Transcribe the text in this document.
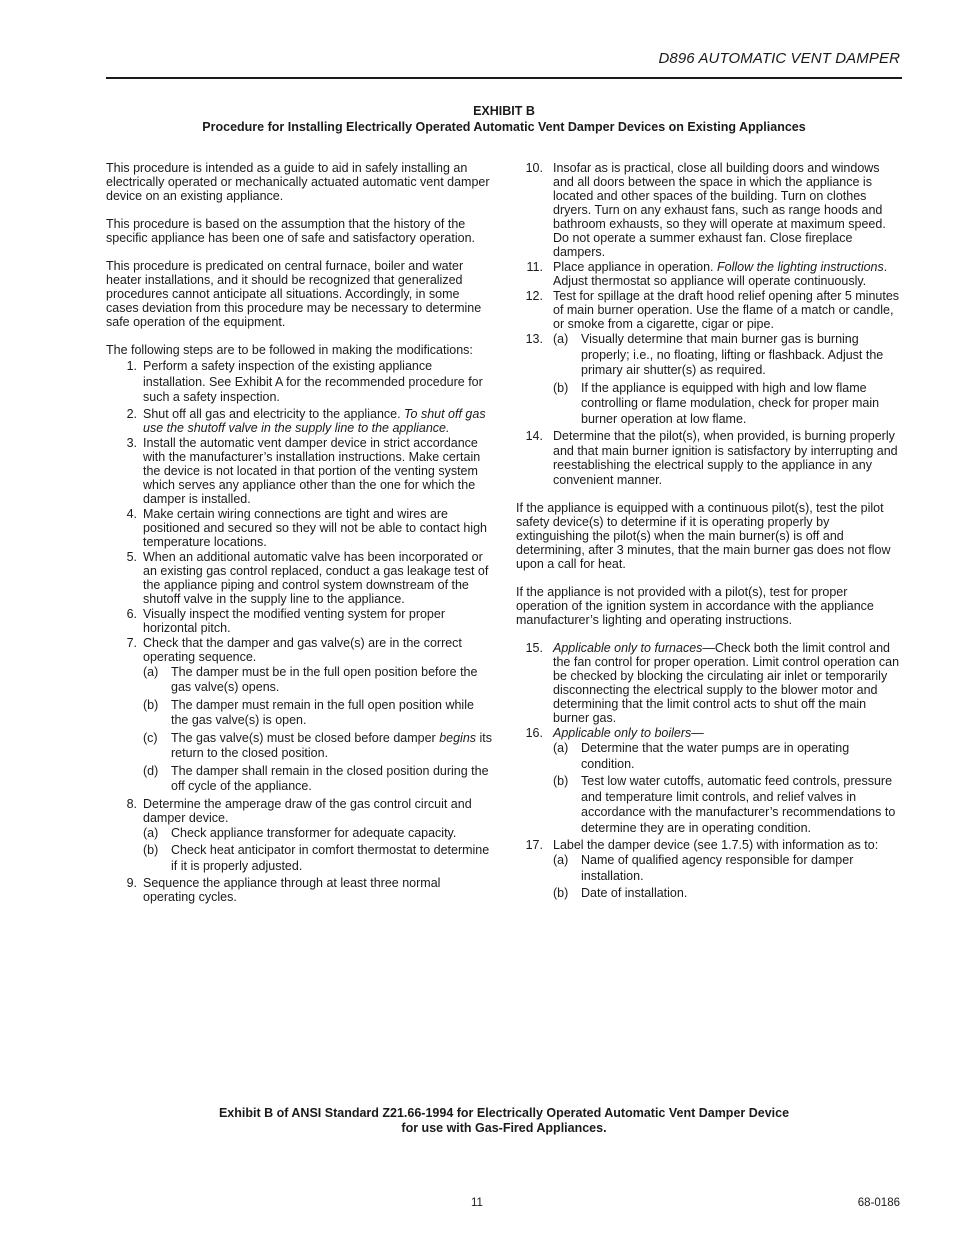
D896 AUTOMATIC VENT DAMPER
EXHIBIT B
Procedure for Installing Electrically Operated Automatic Vent Damper Devices on Existing Appliances

This procedure is intended as a guide to aid in safely installing an electrically operated or mechanically actuated automatic vent damper device on an existing appliance.

This procedure is based on the assumption that the history of the specific appliance has been one of safe and satisfactory operation.

This procedure is predicated on central furnace, boiler and water heater installations, and it should be recognized that generalized procedures cannot anticipate all situations. Accordingly, in some cases deviation from this procedure may be necessary to determine safe operation of the equipment.

The following steps are to be followed in making the modifications:

1. Perform a safety inspection of the existing appliance installation. See Exhibit A for the recommended procedure for such a safety inspection.
2. Shut off all gas and electricity to the appliance. To shut off gas use the shutoff valve in the supply line to the appliance.
3. Install the automatic vent damper device in strict accordance with the manufacturer’s installation instructions. Make certain the device is not located in that portion of the venting system which serves any appliance other than the one for which the damper is installed.
4. Make certain wiring connections are tight and wires are positioned and secured so they will not be able to contact high temperature locations.
5. When an additional automatic valve has been incorporated or an existing gas control replaced, conduct a gas leakage test of the appliance piping and control system downstream of the shutoff valve in the supply line to the appliance.
6. Visually inspect the modified venting system for proper horizontal pitch.
7. Check that the damper and gas valve(s) are in the correct operating sequence.
(a) The damper must be in the full open position before the gas valve(s) opens.
(b) The damper must remain in the full open position while the gas valve(s) is open.
(c) The gas valve(s) must be closed before damper begins its return to the closed position.
(d) The damper shall remain in the closed position during the off cycle of the appliance.
8. Determine the amperage draw of the gas control circuit and damper device.
(a) Check appliance transformer for adequate capacity.
(b) Check heat anticipator in comfort thermostat to determine if it is properly adjusted.
9. Sequence the appliance through at least three normal operating cycles.
10. Insofar as is practical, close all building doors and windows and all doors between the space in which the appliance is located and other spaces of the building. Turn on clothes dryers. Turn on any exhaust fans, such as range hoods and bathroom exhausts, so they will operate at maximum speed. Do not operate a summer exhaust fan. Close fireplace dampers.
11. Place appliance in operation. Follow the lighting instructions. Adjust thermostat so appliance will operate continuously.
12. Test for spillage at the draft hood relief opening after 5 minutes of main burner operation. Use the flame of a match or candle, or smoke from a cigarette, cigar or pipe.
13. (a) Visually determine that main burner gas is burning properly; i.e., no floating, lifting or flashback. Adjust the primary air shutter(s) as required.
(b) If the appliance is equipped with high and low flame controlling or flame modulation, check for proper main burner operation at low flame.
14. Determine that the pilot(s), when provided, is burning properly and that main burner ignition is satisfactory by interrupting and reestablishing the electrical supply to the appliance in any convenient manner.

If the appliance is equipped with a continuous pilot(s), test the pilot safety device(s) to determine if it is operating properly by extinguishing the pilot(s) when the main burner(s) is off and determining, after 3 minutes, that the main burner gas does not flow upon a call for heat.

If the appliance is not provided with a pilot(s), test for proper operation of the ignition system in accordance with the appliance manufacturer’s lighting and operating instructions.

15. Applicable only to furnaces—Check both the limit control and the fan control for proper operation. Limit control operation can be checked by blocking the circulating air inlet or temporarily disconnecting the electrical supply to the blower motor and determining that the limit control acts to shut off the main burner gas.
16. Applicable only to boilers—
(a) Determine that the water pumps are in operating condition.
(b) Test low water cutoffs, automatic feed controls, pressure and temperature limit controls, and relief valves in accordance with the manufacturer’s recommendations to determine they are in operating condition.
17. Label the damper device (see 1.7.5) with information as to:
(a) Name of qualified agency responsible for damper installation.
(b) Date of installation.
Exhibit B of ANSI Standard Z21.66-1994 for Electrically Operated Automatic Vent Damper Device
for use with Gas-Fired Appliances.
11	68-0186
